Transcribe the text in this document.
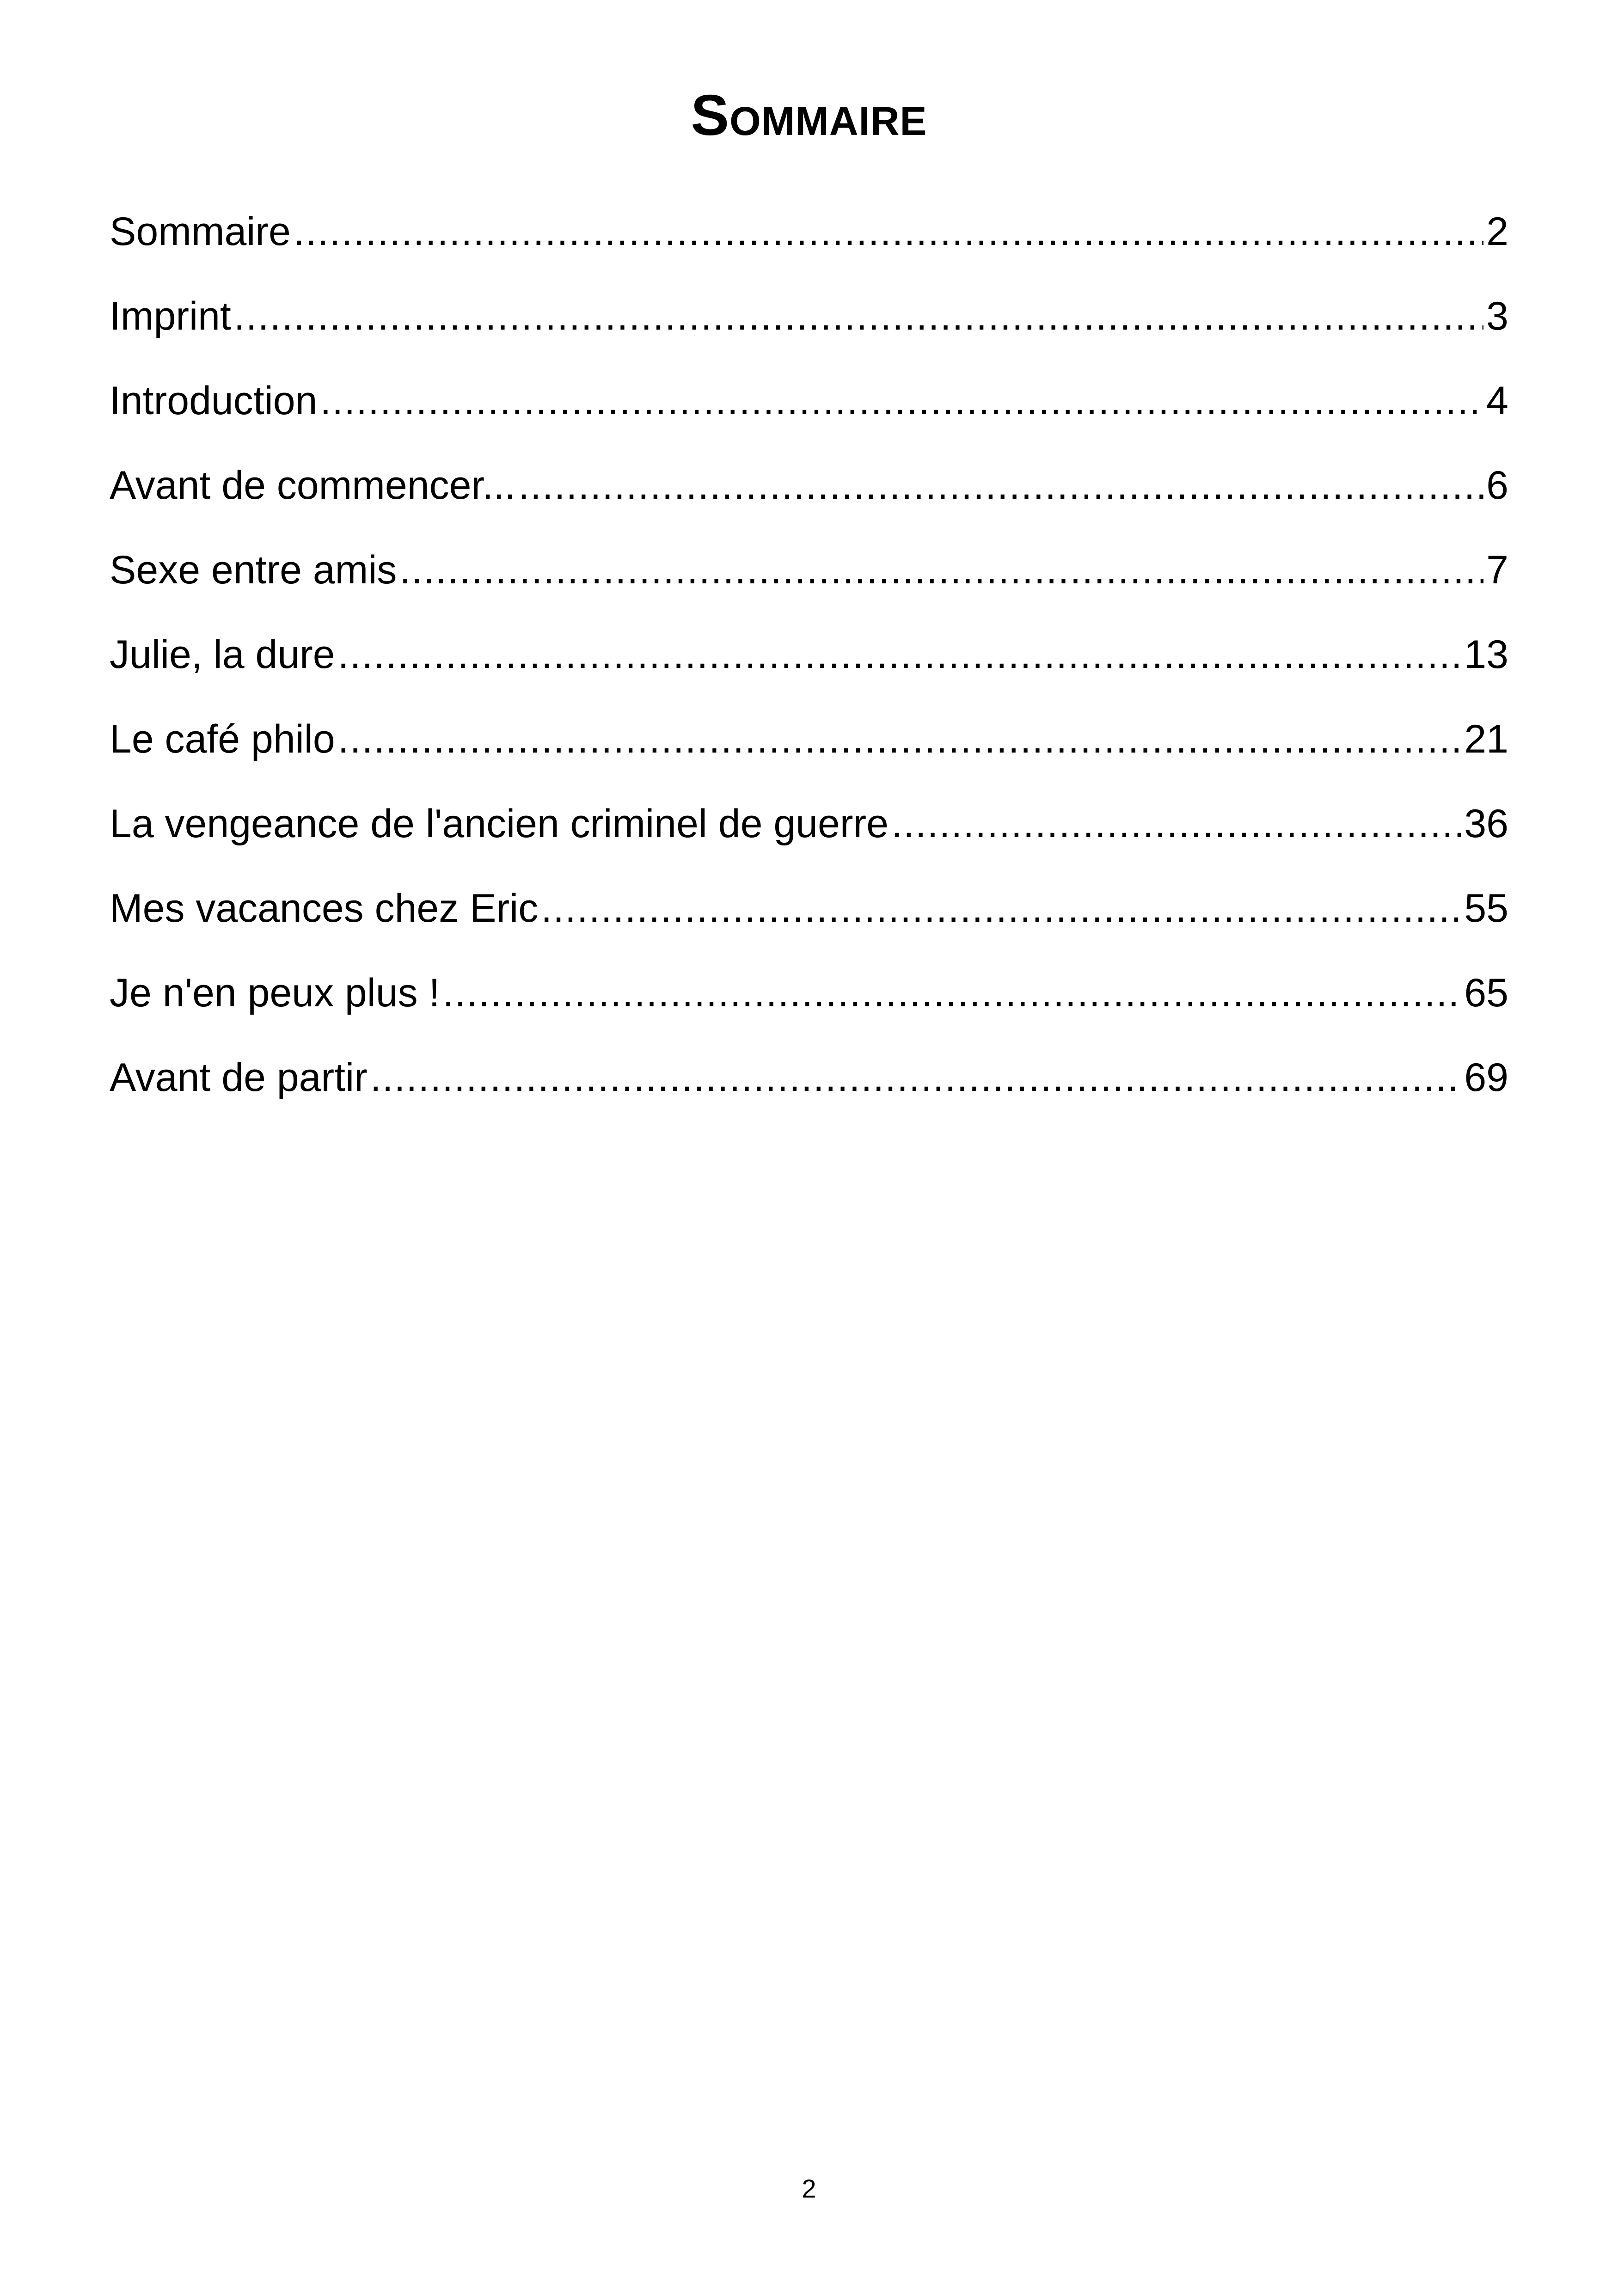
Sommaire
Sommaire .....	2
Imprint .....	3
Introduction .....	4
Avant de commencer... .....	6
Sexe entre amis .....	7
Julie, la dure .....	13
Le café philo .....	21
La vengeance de l'ancien criminel de guerre .....	36
Mes vacances chez Eric .....	55
Je n'en peux plus ! .....	65
Avant de partir .....	69
2
